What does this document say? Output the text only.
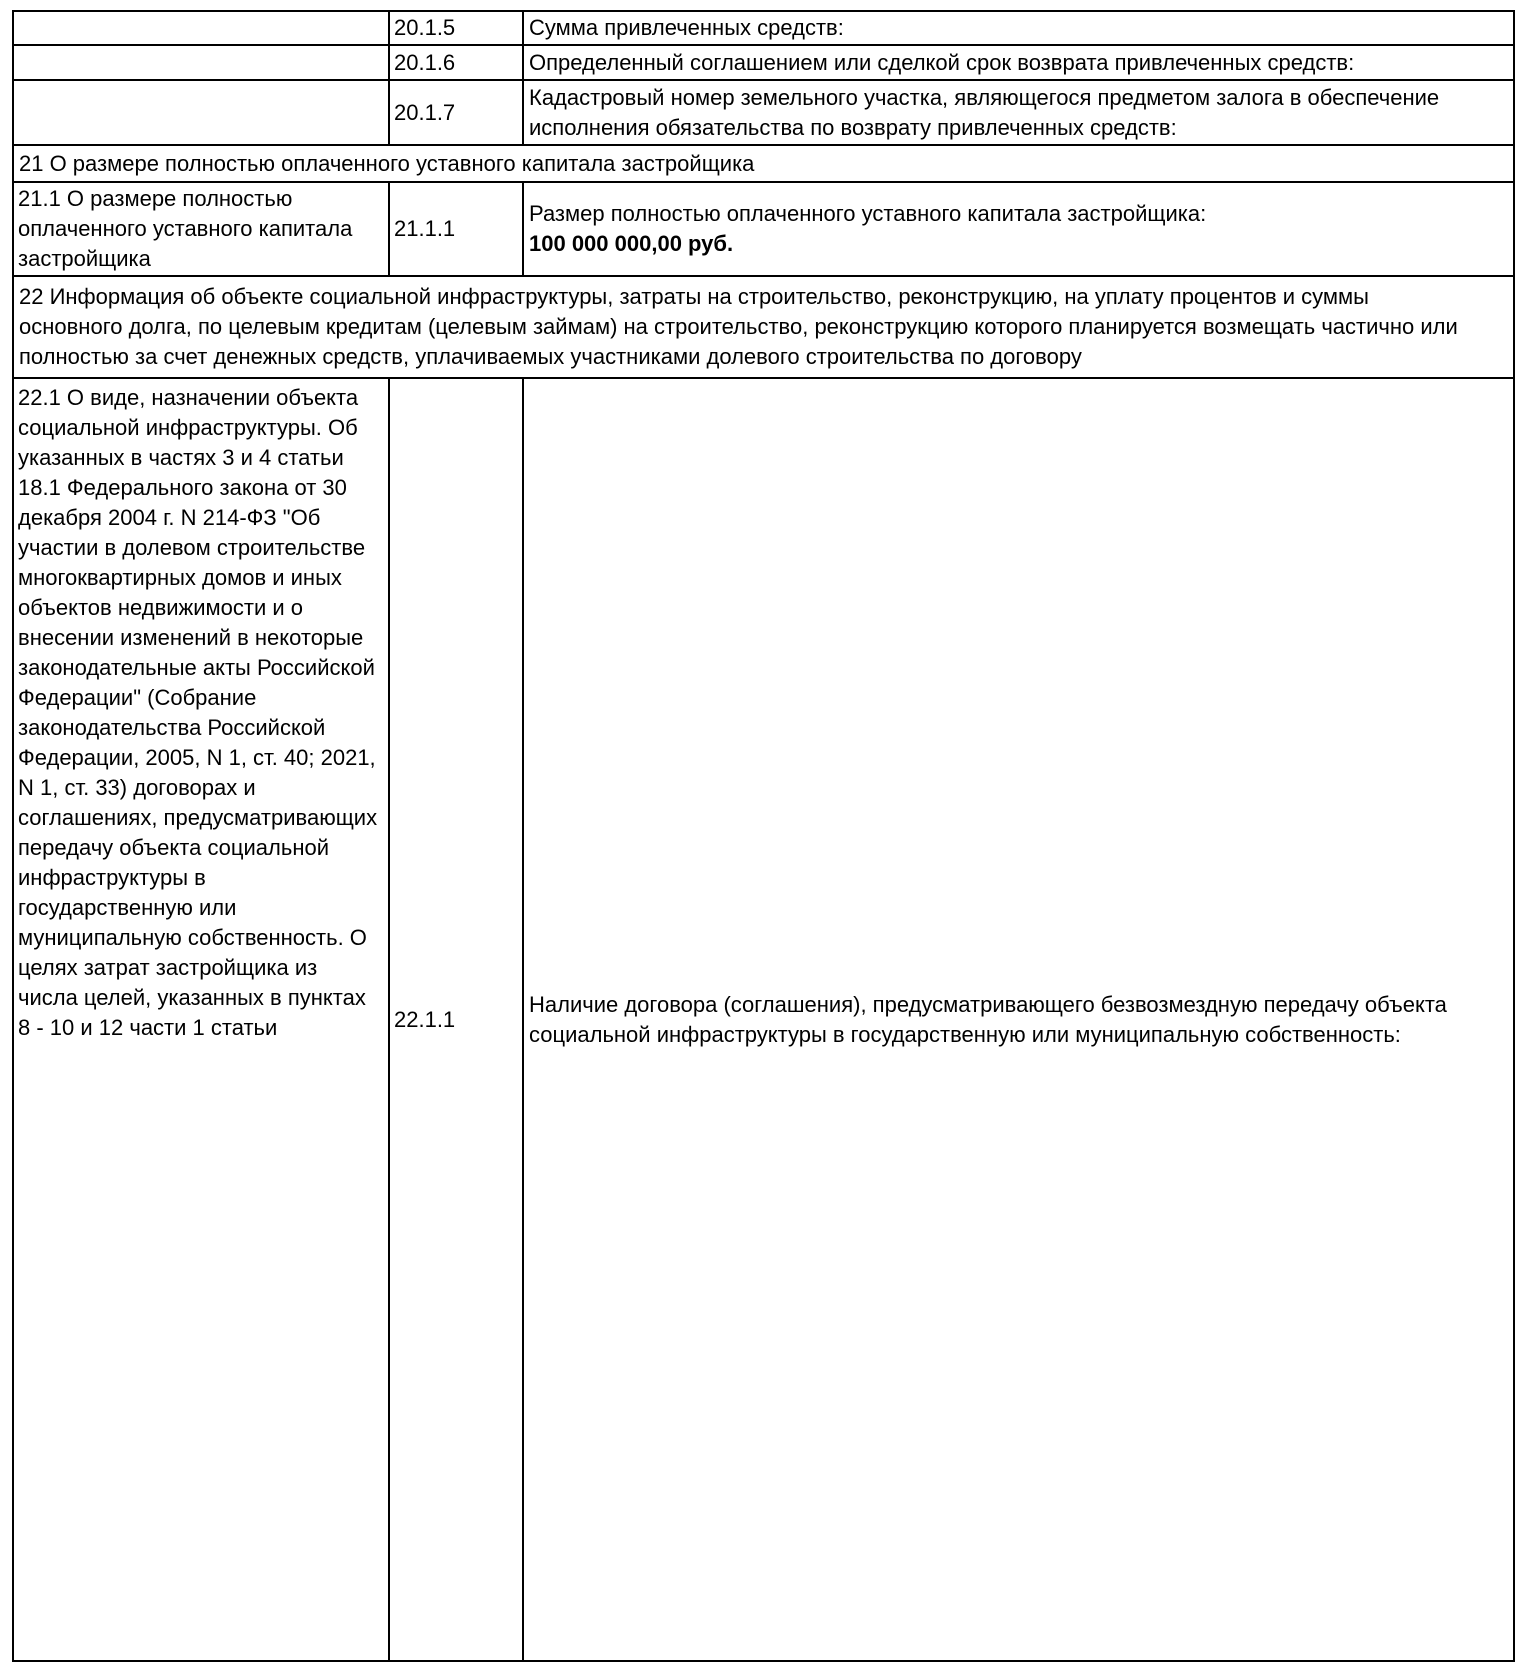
	20.1.5	Сумма привлеченных средств:
	20.1.6	Определенный соглашением или сделкой срок возврата привлеченных средств:
	20.1.7	Кадастровый номер земельного участка, являющегося предметом залога в обеспечение исполнения обязательства по возврату привлеченных средств:
21 О размере полностью оплаченного уставного капитала застройщика		
21.1 О размере полностью оплаченного уставного капитала застройщика	21.1.1	Размер полностью оплаченного уставного капитала застройщика:
100 000 000,00 руб.

22 Информация об объекте социальной инфраструктуры, затраты на строительство, реконструкцию, на уплату процентов и суммы основного долга, по целевым кредитам (целевым займам) на строительство, реконструкцию которого планируется возмещать частично или полностью за счет денежных средств, уплачиваемых участниками долевого строительства по договору		
22.1 О виде, назначении объекта социальной инфраструктуры. Об указанных в частях 3 и 4 статьи 18.1 Федерального закона от 30 декабря 2004 г. N 214-ФЗ "Об участии в долевом строительстве многоквартирных домов и иных объектов недвижимости и о внесении изменений в некоторые законодательные акты Российской Федерации" (Собрание законодательства Российской Федерации, 2005, N 1, ст. 40; 2021, N 1, ст. 33) договорах и соглашениях, предусматривающих передачу объекта социальной инфраструктуры в государственную или муниципальную собственность. О целях затрат застройщика из числа целей, указанных в пунктах 8 - 10 и 12 части 1 статьи	22.1.1	Наличие договора (соглашения), предусматривающего безвозмездную передачу объекта социальной инфраструктуры в государственную или муниципальную собственность:
